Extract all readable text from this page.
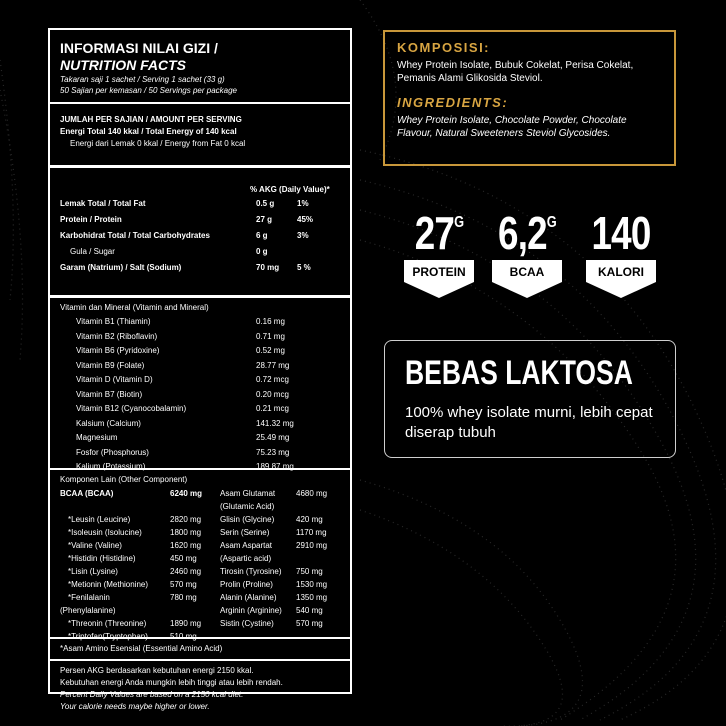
INFORMASI NILAI GIZI /
NUTRITION FACTS
Takaran saji 1 sachet / Serving 1 sachet (33 g)
50 Sajian per kemasan / 50 Servings per package
JUMLAH PER SAJIAN / AMOUNT PER SERVING
Energi Total 140 kkal / Total Energy of 140 kcal
Energi dari Lemak 0 kkal / Energy from Fat 0 kcal
% AKG (Daily Value)*
Lemak Total / Total Fat	0.5 g	1%
Protein / Protein	27 g	45%
Karbohidrat Total / Total Carbohydrates	6 g	3%
Gula / Sugar	0 g
Garam (Natrium) / Salt (Sodium)	70 mg 5 %
Vitamin dan Mineral (Vitamin and Mineral)
Vitamin B1 (Thiamin)	0.16 mg
Vitamin B2 (Riboflavin)	0.71 mg
Vitamin B6 (Pyridoxine)	0.52 mg
Vitamin B9 (Folate)	28.77 mg
Vitamin D (Vitamin D)	0.72 mcg
Vitamin B7 (Biotin)	0.20 mcg
Vitamin B12 (Cyanocobalamin)	0.21 mcg
Kalsium (Calcium)	141.32 mg
Magnesium	25.49 mg
Fosfor (Phosphorus)	75.23 mg
Kalium (Potassium)	189.87 mg
Komponen Lain (Other Component)
BCAA (BCAA)	6240 mg Asam Glutamat	4680 mg
(Glutamic Acid)
*Leusin (Leucine)	2820 mg Glisin (Glycine)	420 mg
*Isoleusin (Isolucine)	1800 mg Serin (Serine)	1170 mg
*Valine (Valine)	1620 mg Asam Aspartat	2910 mg
*Histidin (Histidine)	450 mg	(Aspartic acid)
*Lisin (Lysine)	2460 mg Tirosin (Tyrosine) 750 mg
*Metionin (Methionine)	570 mg	Prolin (Proline)	1530 mg
*Fenilalanin	780 mg	Alanin (Alanine) 1350 mg
(Phenylalanine)	Arginin (Arginine) 540 mg
*Threonin (Threonine)	1890 mg Sistin (Cystine)	570 mg
*Triptofan(Tryptophan)	510 mg
*Asam Amino Esensial (Essential Amino Acid)
Persen AKG berdasarkan kebutuhan energi 2150 kkal.
Kebutuhan energi Anda mungkin lebih tinggi atau lebih rendah.
Percent Daily Values are based on a 2150 kcal diet.
Your calorie needs maybe higher or lower.
KOMPOSISI:
Whey Protein Isolate, Bubuk Cokelat, Perisa Cokelat, Pemanis Alami Glikosida Steviol.
INGREDIENTS:
Whey Protein Isolate, Chocolate Powder, Chocolate Flavour, Natural Sweeteners Steviol Glycosides.
$27^G$
PROTEIN
$6,2^G$
BCAA
140
KALORI
BEBAS LAKTOSA
100% whey isolate murni, lebih cepat diserap tubuh
